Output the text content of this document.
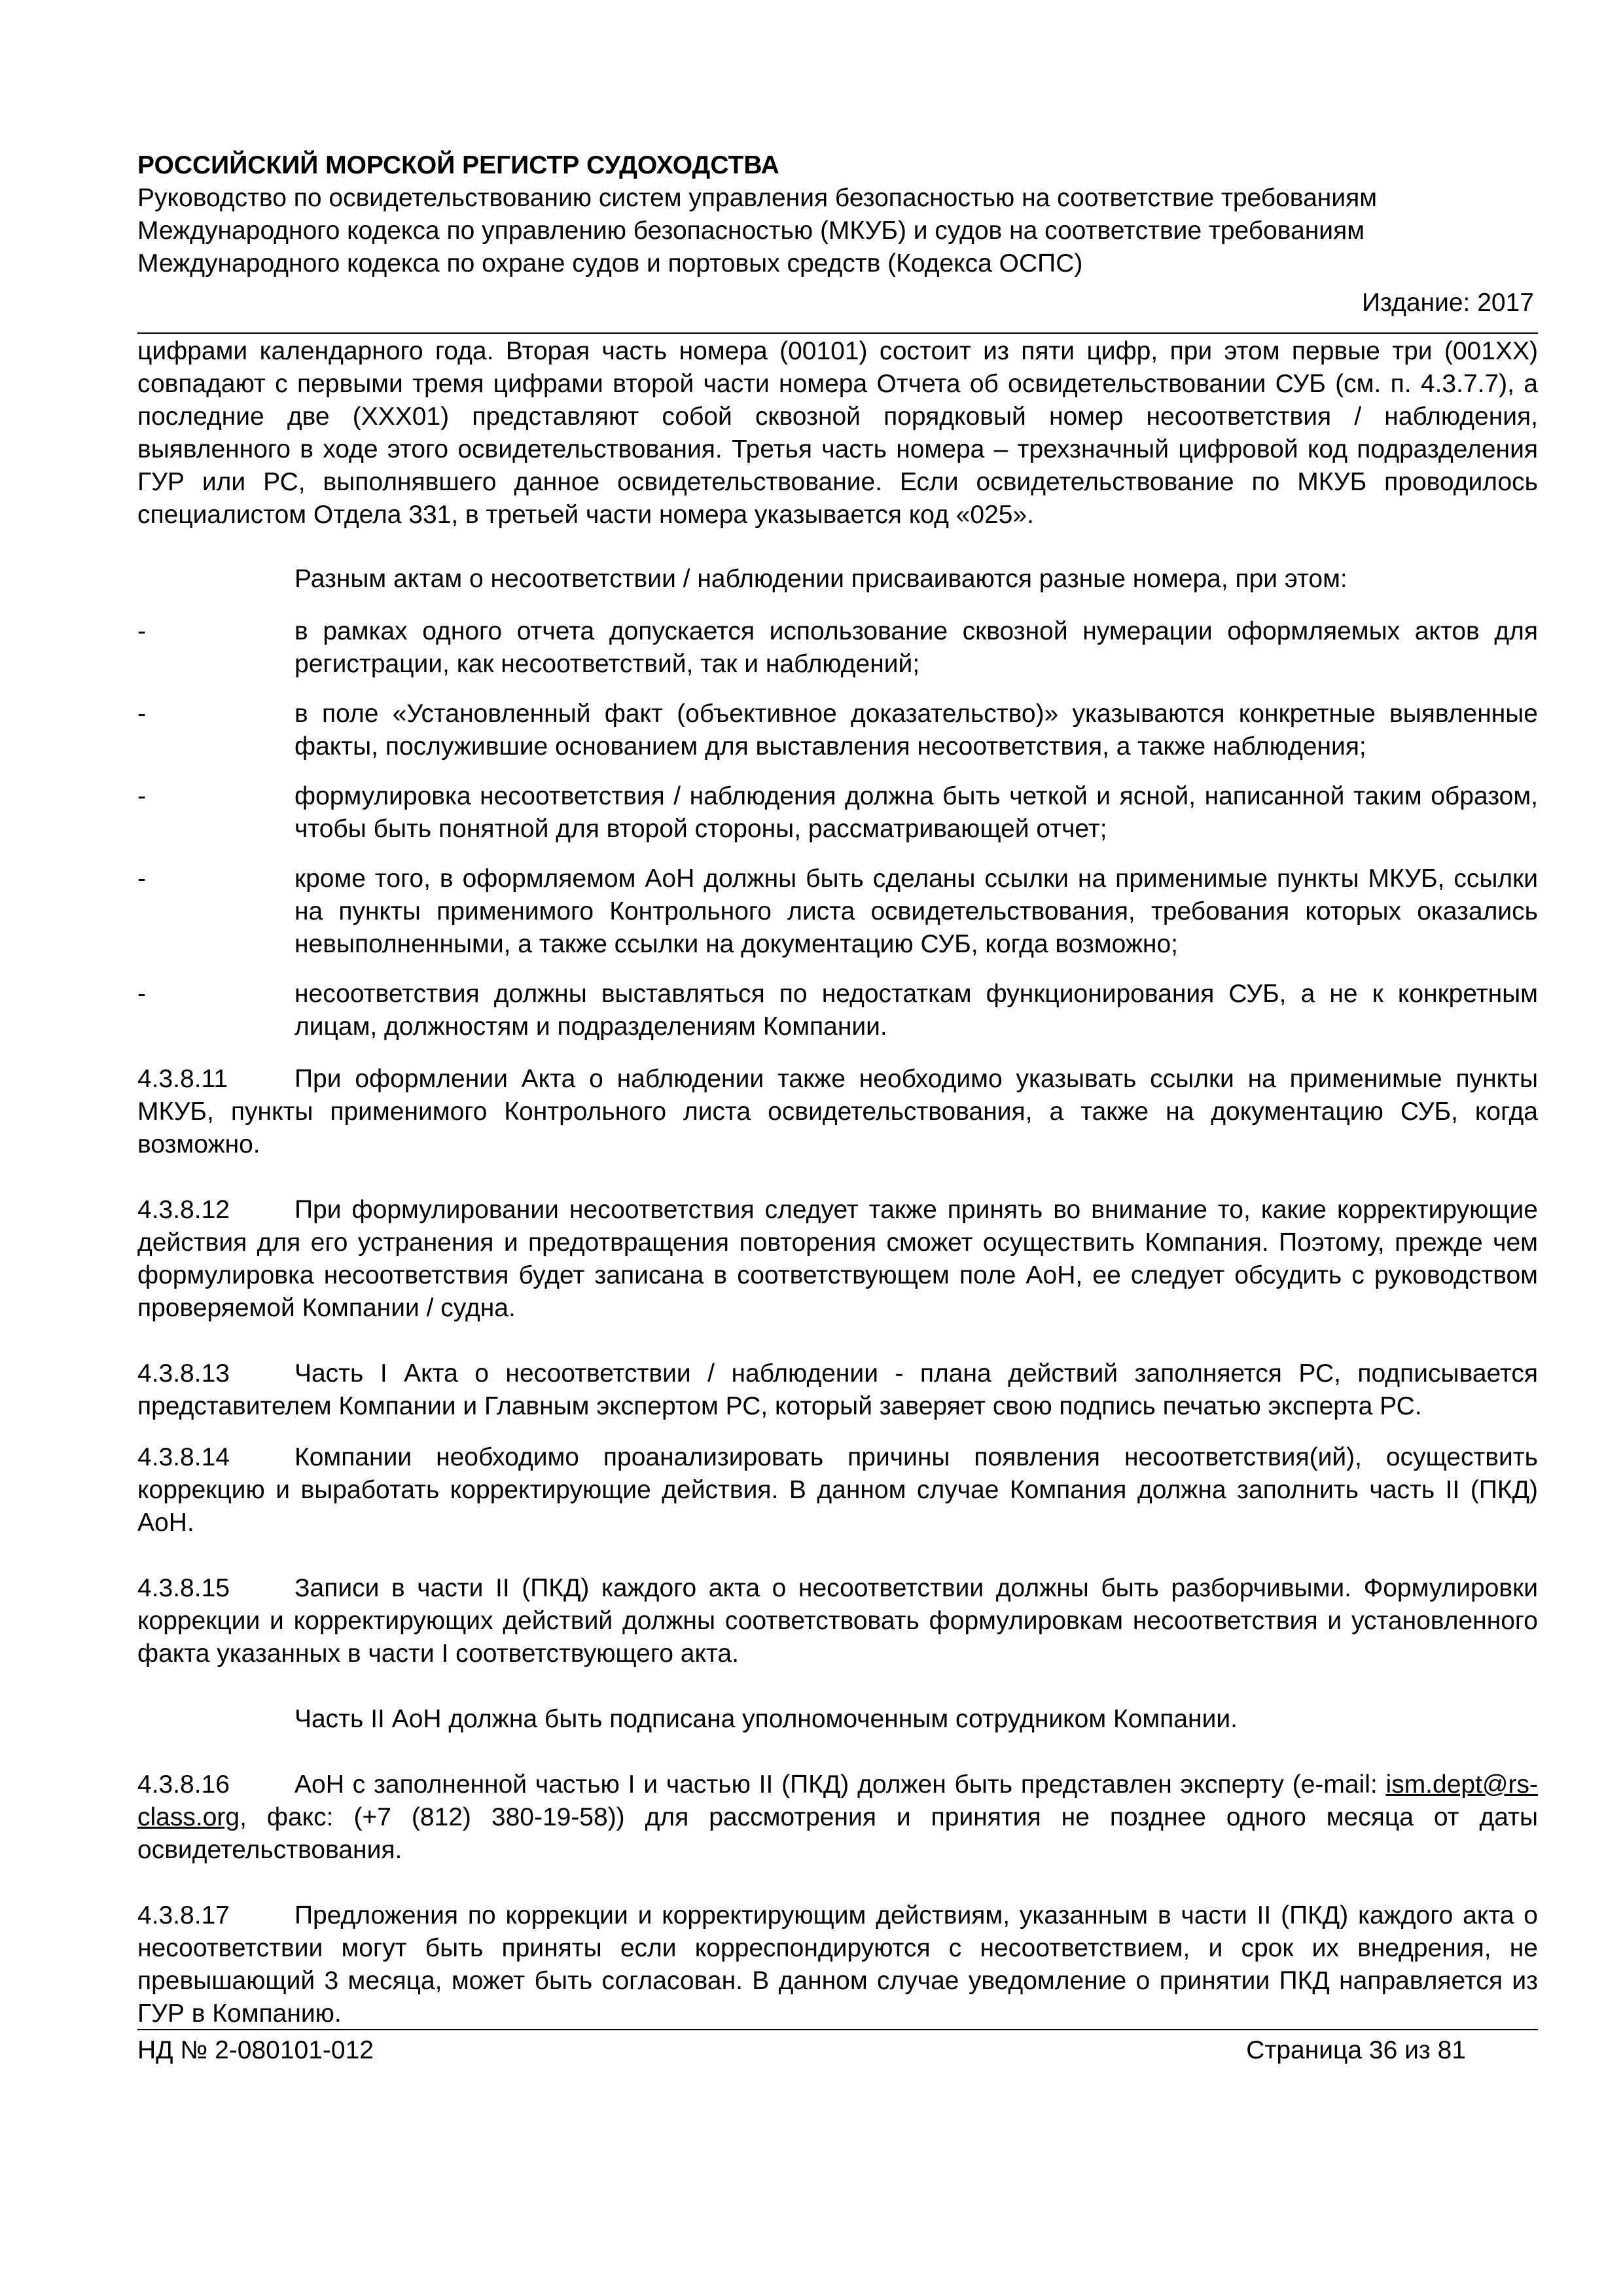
РОССИЙСКИЙ МОРСКОЙ РЕГИСТР СУДОХОДСТВА
Руководство по освидетельствованию систем управления безопасностью на соответствие требованиям
Международного кодекса по управлению безопасностью (МКУБ) и судов на соответствие требованиям
Международного кодекса по охране судов и портовых средств (Кодекса ОСПС)
Издание: 2017

цифрами календарного года. Вторая часть номера (00101) состоит из пяти цифр, при этом первые три (001XX) совпадают с первыми тремя цифрами второй части номера Отчета об освидетельствовании СУБ (см. п. 4.3.7.7), а последние две (XXX01) представляют собой сквозной порядковый номер несоответствия / наблюдения, выявленного в ходе этого освидетельствования. Третья часть номера – трехзначный цифровой код подразделения ГУР или РС, выполнявшего данное освидетельствование. Если освидетельствование по МКУБ проводилось специалистом Отдела 331, в третьей части номера указывается код «025».

Разным актам о несоответствии / наблюдении присваиваются разные номера, при этом:

-	в рамках одного отчета допускается использование сквозной нумерации оформляемых актов для регистрации, как несоответствий, так и наблюдений;
-	в поле «Установленный факт (объективное доказательство)» указываются конкретные выявленные факты, послужившие основанием для выставления несоответствия, а также наблюдения;
-	формулировка несоответствия / наблюдения должна быть четкой и ясной, написанной таким образом, чтобы быть понятной для второй стороны, рассматривающей отчет;
-	кроме того, в оформляемом АоН должны быть сделаны ссылки на применимые пункты МКУБ, ссылки на пункты применимого Контрольного листа освидетельствования, требования которых оказались невыполненными, а также ссылки на документацию СУБ, когда возможно;
-	несоответствия должны выставляться по недостаткам функционирования СУБ, а не к конкретным лицам, должностям и подразделениям Компании.
4.3.8.11	При оформлении Акта о наблюдении также необходимо указывать ссылки на применимые пункты МКУБ, пункты применимого Контрольного листа освидетельствования, а также на документацию СУБ, когда возможно.
4.3.8.12	При формулировании несоответствия следует также принять во внимание то, какие корректирующие действия для его устранения и предотвращения повторения сможет осуществить Компания. Поэтому, прежде чем формулировка несоответствия будет записана в соответствующем поле АоН, ее следует обсудить с руководством проверяемой Компании / судна.
4.3.8.13	Часть I Акта о несоответствии / наблюдении - плана действий заполняется РС, подписывается представителем Компании и Главным экспертом РС, который заверяет свою подпись печатью эксперта РС.
4.3.8.14	Компании необходимо проанализировать причины появления несоответствия(ий), осуществить коррекцию и выработать корректирующие действия. В данном случае Компания должна заполнить часть II (ПКД) АоН.
4.3.8.15	Записи в части II (ПКД) каждого акта о несоответствии должны быть разборчивыми. Формулировки коррекции и корректирующих действий должны соответствовать формулировкам несоответствия и установленного факта указанных в части I соответствующего акта.

Часть II АоН должна быть подписана уполномоченным сотрудником Компании.

4.3.8.16	АоН с заполненной частью I и частью II (ПКД) должен быть представлен эксперту (e-mail: ism.dept@rs-class.org, факс: (+7 (812) 380-19-58)) для рассмотрения и принятия не позднее одного месяца от даты освидетельствования.
4.3.8.17	Предложения по коррекции и корректирующим действиям, указанным в части II (ПКД) каждого акта о несоответствии могут быть приняты если корреспондируются с несоответствием, и срок их внедрения, не превышающий 3 месяца, может быть согласован. В данном случае уведомление о принятии ПКД направляется из ГУР в Компанию.
НД № 2-080101-012	Страница 36 из 81
